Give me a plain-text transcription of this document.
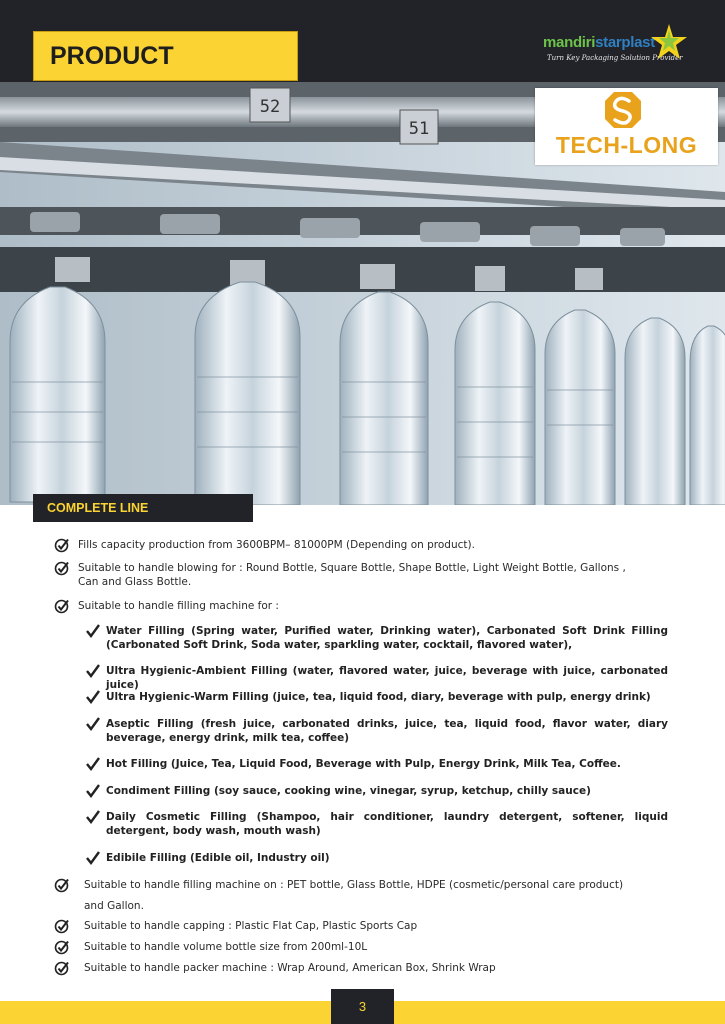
PRODUCT	mandiristarplast
Turn Key Packaging Solution Provider
52
51
TECH-LONG
COMPLETE LINE
Fills capacity production from 3600BPM– 81000PM (Depending on product).
Suitable to handle blowing for : Round Bottle, Square Bottle, Shape Bottle, Light Weight Bottle, Gallons ,
Can and Glass Bottle.
Suitable to handle filling machine for :
Water Filling (Spring water, Purified water, Drinking water), Carbonated Soft Drink Filling (Carbonated Soft Drink, Soda water, sparkling water, cocktail, flavored water),
Ultra Hygienic-Ambient Filling (water, flavored water, juice, beverage with juice, carbonated juice)
Ultra Hygienic-Warm Filling (juice, tea, liquid food, diary, beverage with pulp, energy drink)
Aseptic Filling (fresh juice, carbonated drinks, juice, tea, liquid food, flavor water, diary beverage, energy drink, milk tea, coffee)
Hot Filling (Juice, Tea, Liquid Food, Beverage with Pulp, Energy Drink, Milk Tea, Coffee.
Condiment Filling (soy sauce, cooking wine, vinegar, syrup, ketchup, chilly sauce)
Daily Cosmetic Filling (Shampoo, hair conditioner, laundry detergent, softener, liquid detergent, body wash, mouth wash)
Edibile Filling (Edible oil, Industry oil)
Suitable to handle filling machine on : PET bottle, Glass Bottle, HDPE (cosmetic/personal care product)
and Gallon.
Suitable to handle capping : Plastic Flat Cap, Plastic Sports Cap
Suitable to handle volume bottle size from 200ml-10L
Suitable to handle packer machine : Wrap Around, American Box, Shrink Wrap
3
